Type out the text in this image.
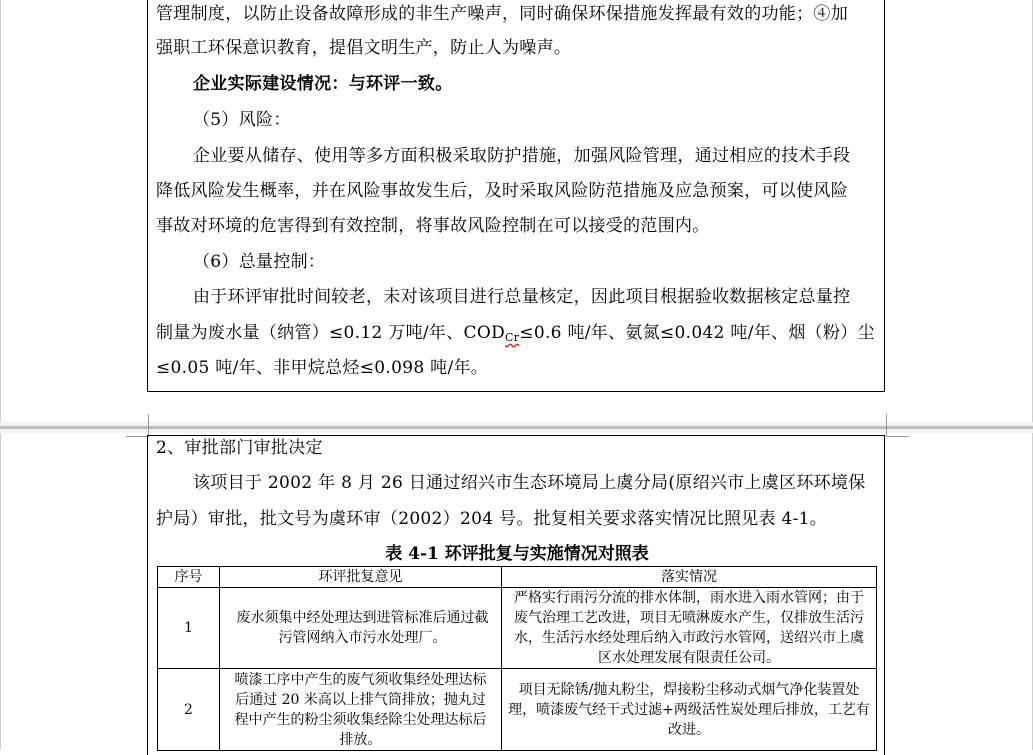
管理制度，以防止设备故障形成的非生产噪声，同时确保环保措施发挥最有效的功能；④加
强职工环保意识教育，提倡文明生产，防止人为噪声。
企业实际建设情况：与环评一致。
（5）风险：
企业要从储存、使用等多方面积极采取防护措施，加强风险管理，通过相应的技术手段
降低风险发生概率，并在风险事故发生后，及时采取风险防范措施及应急预案，可以使风险
事故对环境的危害得到有效控制，将事故风险控制在可以接受的范围内。
（6）总量控制：
由于环评审批时间较老，未对该项目进行总量核定，因此项目根据验收数据核定总量控
制量为废水量（纳管）≤0.12 万吨/年、$COD_{Cr}\le 0.6$ 吨/年、氨氮≤0.042 吨/年、烟（粉）尘
≤0.05 吨/年、非甲烷总烃≤0.098 吨/年。
2、审批部门审批决定
该项目于 2002 年 8 月 26 日通过绍兴市生态环境局上虞分局(原绍兴市上虞区环环境保
护局）审批，批文号为虞环审（2002）204 号。批复相关要求落实情况比照见表 4-1。
表 4-1 环评批复与实施情况对照表
序号	环评批复意见	落实情况
1	废水须集中经处理达到进管标准后通过截污管网纳入市污水处理厂。	严格实行雨污分流的排水体制，雨水进入雨水管网；由于废气治理工艺改进，项目无喷淋废水产生，仅排放生活污水，生活污水经处理后纳入市政污水管网，送绍兴市上虞区水处理发展有限责任公司。
2	喷漆工序中产生的废气须收集经处理达标后通过 20 米高以上排气筒排放；抛丸过程中产生的粉尘须收集经除尘处理达标后排放。	项目无除锈/抛丸粉尘，焊接粉尘移动式烟气净化装置处理，喷漆废气经干式过滤+两级活性炭处理后排放，工艺有改进。
